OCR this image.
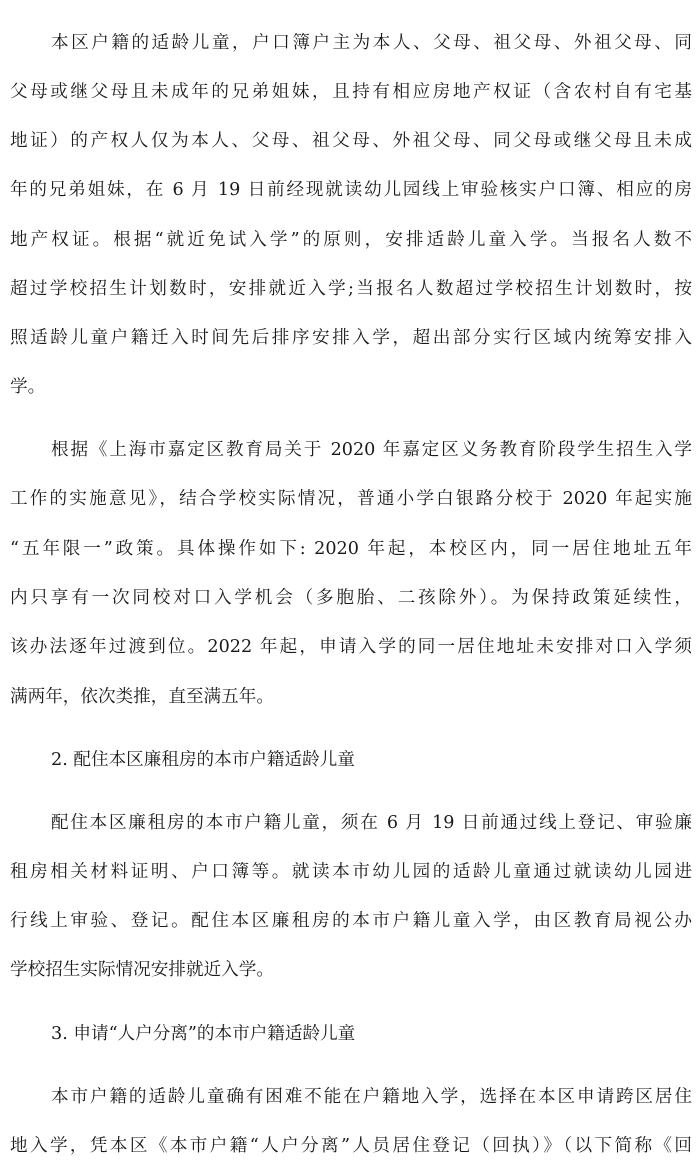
本区户籍的适龄儿童，户口簿户主为本人、父母、祖父母、外祖父母、同
父母或继父母且未成年的兄弟姐妹，且持有相应房地产权证（含农村自有宅基
地证）的产权人仅为本人、父母、祖父母、外祖父母、同父母或继父母且未成
年的兄弟姐妹，在 6 月 19 日前经现就读幼儿园线上审验核实户口簿、相应的房
地产权证。根据“就近免试入学”的原则，安排适龄儿童入学。当报名人数不
超过学校招生计划数时，安排就近入学;当报名人数超过学校招生计划数时，按
照适龄儿童户籍迁入时间先后排序安排入学，超出部分实行区域内统筹安排入
学。
根据《上海市嘉定区教育局关于 2020 年嘉定区义务教育阶段学生招生入学
工作的实施意见》，结合学校实际情况，普通小学白银路分校于 2020 年起实施
“五年限一”政策。具体操作如下: 2020 年起，本校区内，同一居住地址五年
内只享有一次同校对口入学机会（多胞胎、二孩除外）。为保持政策延续性，
该办法逐年过渡到位。2022 年起，申请入学的同一居住地址未安排对口入学须
满两年，依次类推，直至满五年。
2. 配住本区廉租房的本市户籍适龄儿童
配住本区廉租房的本市户籍儿童，须在 6 月 19 日前通过线上登记、审验廉
租房相关材料证明、户口簿等。就读本市幼儿园的适龄儿童通过就读幼儿园进
行线上审验、登记。配住本区廉租房的本市户籍儿童入学，由区教育局视公办
学校招生实际情况安排就近入学。
3. 申请“人户分离”的本市户籍适龄儿童
本市户籍的适龄儿童确有困难不能在户籍地入学，选择在本区申请跨区居住
地入学，凭本区《本市户籍“人户分离”人员居住登记（回执）》（以下简称《回
